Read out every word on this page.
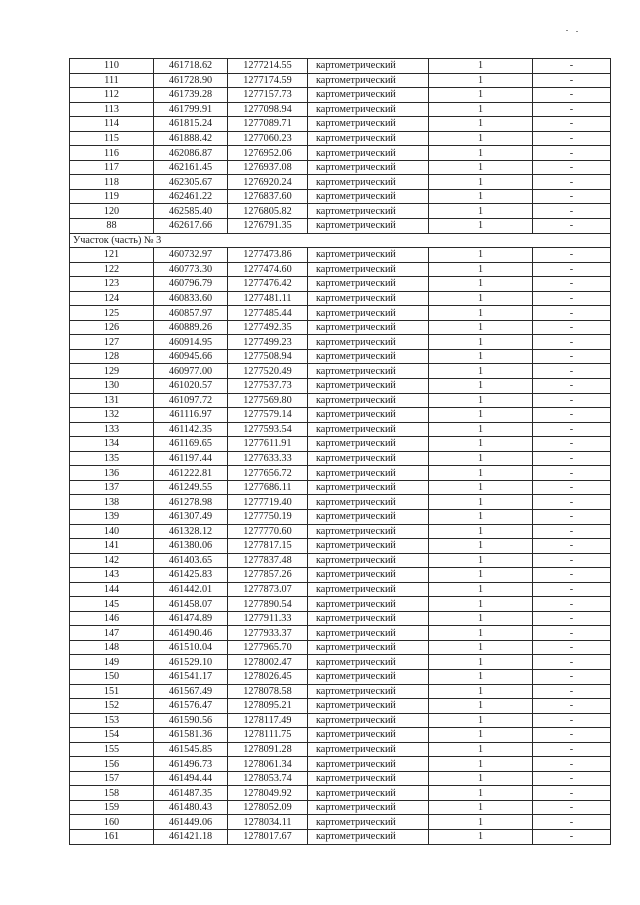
110	461718.62	1277214.55	картометрический	1	-
111	461728.90	1277174.59	картометрический	1	-
112	461739.28	1277157.73	картометрический	1	-
113	461799.91	1277098.94	картометрический	1	-
114	461815.24	1277089.71	картометрический	1	-
115	461888.42	1277060.23	картометрический	1	-
116	462086.87	1276952.06	картометрический	1	-
117	462161.45	1276937.08	картометрический	1	-
118	462305.67	1276920.24	картометрический	1	-
119	462461.22	1276837.60	картометрический	1	-
120	462585.40	1276805.82	картометрический	1	-
88	462617.66	1276791.35	картометрический	1	-
Участок (часть) № 3					
121	460732.97	1277473.86	картометрический	1	-
122	460773.30	1277474.60	картометрический	1	-
123	460796.79	1277476.42	картометрический	1	-
124	460833.60	1277481.11	картометрический	1	-
125	460857.97	1277485.44	картометрический	1	-
126	460889.26	1277492.35	картометрический	1	-
127	460914.95	1277499.23	картометрический	1	-
128	460945.66	1277508.94	картометрический	1	-
129	460977.00	1277520.49	картометрический	1	-
130	461020.57	1277537.73	картометрический	1	-
131	461097.72	1277569.80	картометрический	1	-
132	461116.97	1277579.14	картометрический	1	-
133	461142.35	1277593.54	картометрический	1	-
134	461169.65	1277611.91	картометрический	1	-
135	461197.44	1277633.33	картометрический	1	-
136	461222.81	1277656.72	картометрический	1	-
137	461249.55	1277686.11	картометрический	1	-
138	461278.98	1277719.40	картометрический	1	-
139	461307.49	1277750.19	картометрический	1	-
140	461328.12	1277770.60	картометрический	1	-
141	461380.06	1277817.15	картометрический	1	-
142	461403.65	1277837.48	картометрический	1	-
143	461425.83	1277857.26	картометрический	1	-
144	461442.01	1277873.07	картометрический	1	-
145	461458.07	1277890.54	картометрический	1	-
146	461474.89	1277911.33	картометрический	1	-
147	461490.46	1277933.37	картометрический	1	-
148	461510.04	1277965.70	картометрический	1	-
149	461529.10	1278002.47	картометрический	1	-
150	461541.17	1278026.45	картометрический	1	-
151	461567.49	1278078.58	картометрический	1	-
152	461576.47	1278095.21	картометрический	1	-
153	461590.56	1278117.49	картометрический	1	-
154	461581.36	1278111.75	картометрический	1	-
155	461545.85	1278091.28	картометрический	1	-
156	461496.73	1278061.34	картометрический	1	-
157	461494.44	1278053.74	картометрический	1	-
158	461487.35	1278049.92	картометрический	1	-
159	461480.43	1278052.09	картометрический	1	-
160	461449.06	1278034.11	картометрический	1	-
161	461421.18	1278017.67	картометрический	1	-
